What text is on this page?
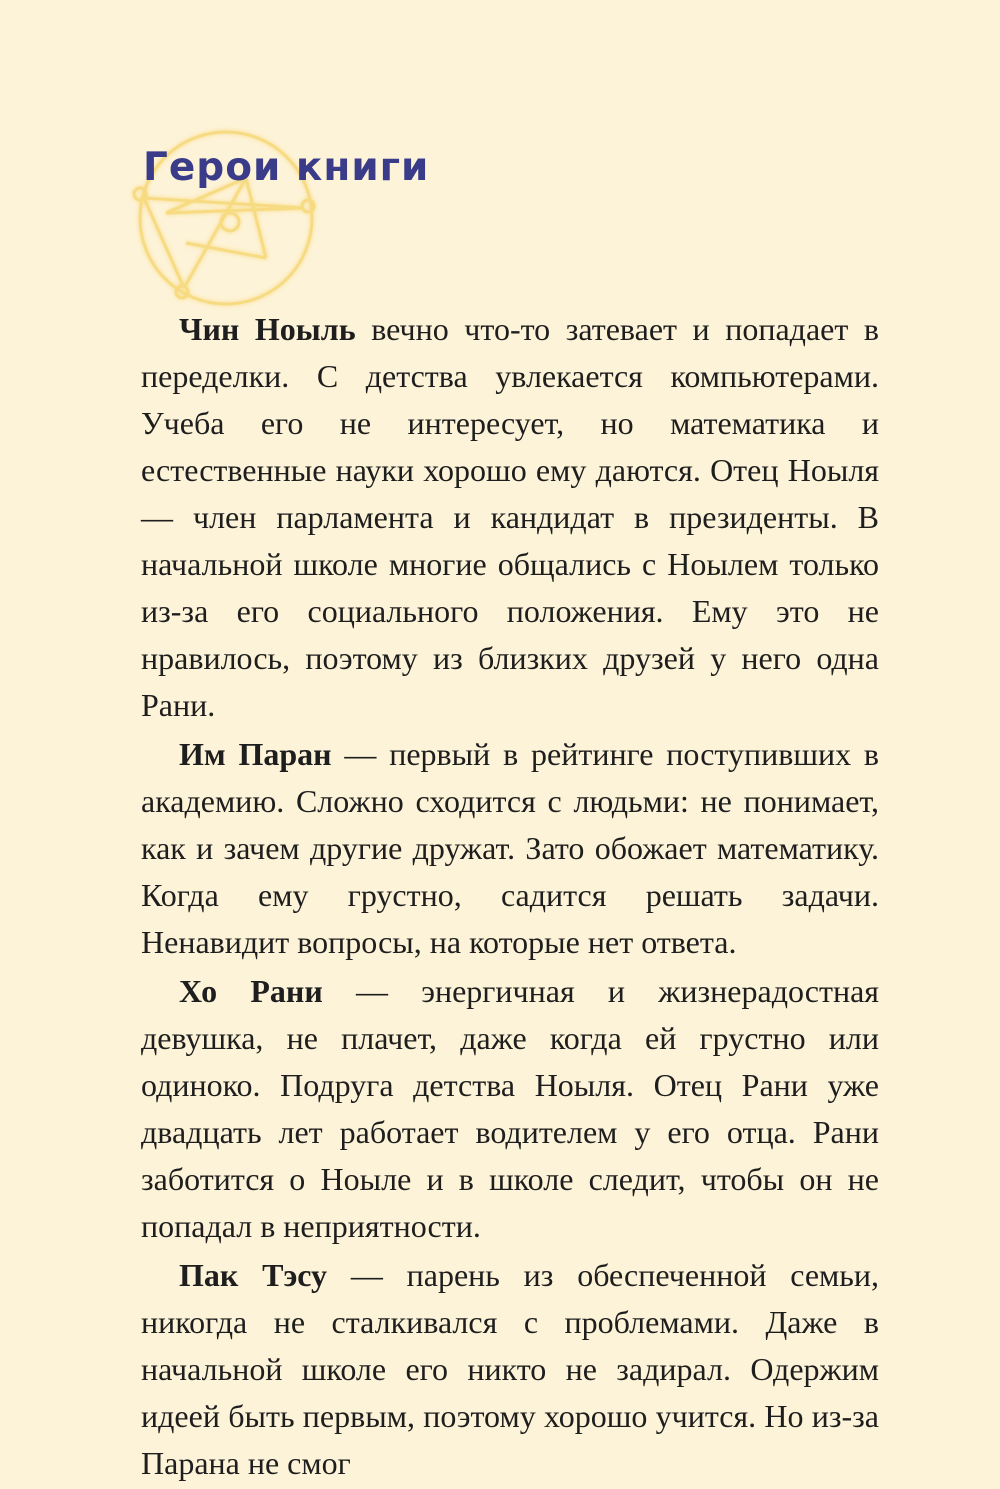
Герои книги

Чин Ноыль вечно что-то затевает и попадает в переделки. С детства увлекается компьютерами. Учеба его не интересует, но математика и естественные науки хорошо ему даются. Отец Ноыля — член парламента и кандидат в президенты. В начальной школе многие общались с Ноылем только из-за его социального положения. Ему это не нравилось, поэтому из близких друзей у него одна Рани.

Им Паран — первый в рейтинге поступивших в академию. Сложно сходится с людьми: не понимает, как и зачем другие дружат. Зато обожает математику. Когда ему грустно, садится решать задачи. Ненавидит вопросы, на которые нет ответа.

Хо Рани — энергичная и жизнерадостная девушка, не плачет, даже когда ей грустно или одиноко. Подруга детства Ноыля. Отец Рани уже двадцать лет работает водителем у его отца. Рани заботится о Ноыле и в школе следит, чтобы он не попадал в неприятности.

Пак Тэсу — парень из обеспеченной семьи, никогда не сталкивался с проблемами. Даже в начальной школе его никто не задирал. Одержим идеей быть первым, поэтому хорошо учится. Но из-за Парана не смог
